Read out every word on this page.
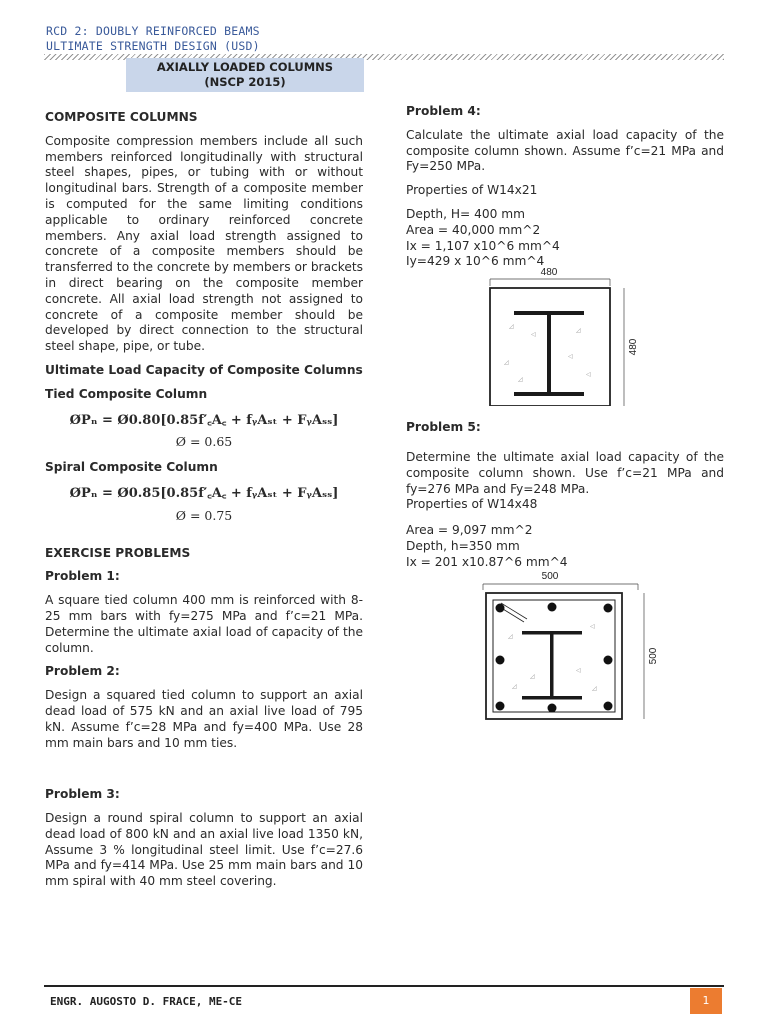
RCD 2: DOUBLY REINFORCED BEAMS
ULTIMATE STRENGTH DESIGN (USD)
AXIALLY LOADED COLUMNS
(NSCP 2015)
COMPOSITE COLUMNS
Composite compression members include all such members reinforced longitudinally with structural steel shapes, pipes, or tubing with or without longitudinal bars. Strength of a composite member is computed for the same limiting conditions applicable to ordinary reinforced concrete members. Any axial load strength assigned to concrete of a composite members should be transferred to the concrete by members or brackets in direct bearing on the composite member concrete. All axial load strength not assigned to concrete of a composite member should be developed by direct connection to the structural steel shape, pipe, or tube.
Ultimate Load Capacity of Composite Columns
Tied Composite Column
ØPₙ = Ø0.80[0.85f′꜀A꜀ + fᵧAₛₜ + FᵧAₛₛ]
Ø = 0.65
Spiral Composite Column
ØPₙ = Ø0.85[0.85f′꜀A꜀ + fᵧAₛₜ + FᵧAₛₛ]
Ø = 0.75
EXERCISE PROBLEMS
Problem 1:
A square tied column 400 mm is reinforced with 8-25 mm bars with fy=275 MPa and f’c=21 MPa. Determine the ultimate axial load of capacity of the column.
Problem 2:
Design a squared tied column to support an axial dead load of 575 kN and an axial live load of 795 kN. Assume f’c=28 MPa and fy=400 MPa. Use 28 mm main bars and 10 mm ties.
Problem 3:
Design a round spiral column to support an axial dead load of 800 kN and an axial live load 1350 kN, Assume 3 % longitudinal steel limit. Use f’c=27.6 MPa and fy=414 MPa. Use 25 mm main bars and 10 mm spiral with 40 mm steel covering.
Problem 4:
Calculate the ultimate axial load capacity of the composite column shown. Assume f’c=21 MPa and Fy=250 MPa.
Properties of W14x21
Depth, H= 400 mm
Area = 40,000 mm^2
Ix = 1,107 x10^6 mm^4
Iy=429 x 10^6 mm^4
480
480
◿
◁
◿
◿
◁
◿
◁
Problem 5:
Determine the ultimate axial load capacity of the composite column shown. Use f’c=21 MPa and fy=276 MPa and Fy=248 MPa.
Properties of W14x48
Area = 9,097 mm^2
Depth, h=350 mm
Ix = 201 x10.87^6 mm^4
500
500
◿
◁
◿
◁
◿	◿
ENGR. AUGOSTO D. FRACE, ME-CE	1
